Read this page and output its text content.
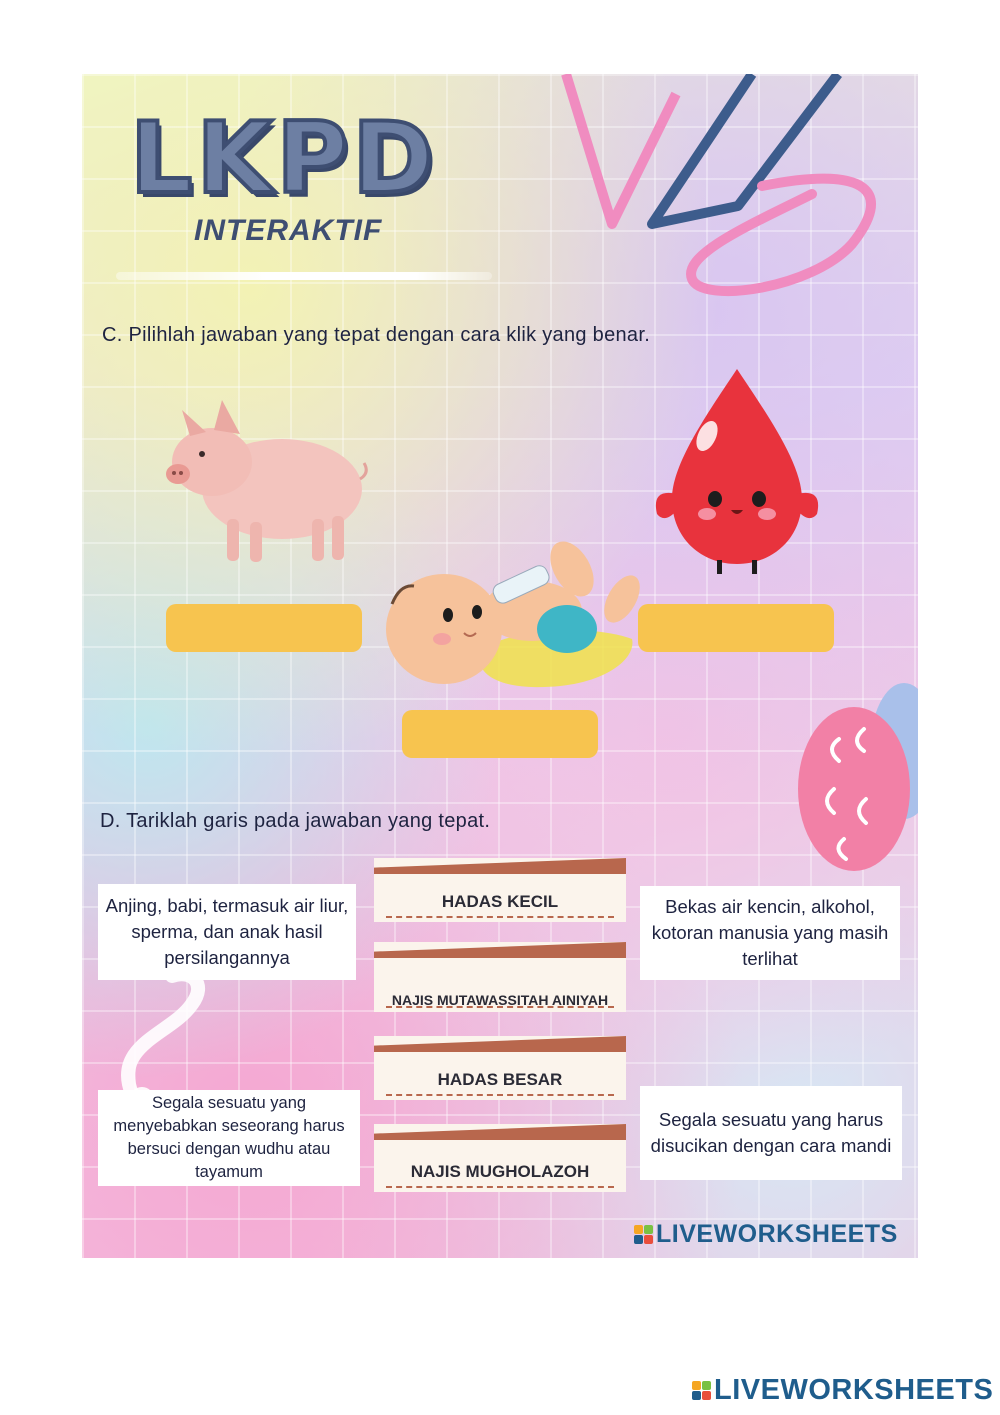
LKPD
INTERAKTIF
C. Pilihlah jawaban yang tepat dengan cara klik yang benar.
D. Tariklah garis pada jawaban yang tepat.
Anjing, babi, termasuk air liur, sperma, dan anak hasil persilangannya
Segala sesuatu yang menyebabkan seseorang harus bersuci dengan wudhu atau tayamum
HADAS KECIL
NAJIS MUTAWASSITAH AINIYAH
HADAS BESAR
NAJIS MUGHOLAZOH
Bekas air kencin, alkohol, kotoran manusia yang masih terlihat
Segala sesuatu yang harus disucikan dengan cara mandi
LIVEWORKSHEETS
LIVEWORKSHEETS
